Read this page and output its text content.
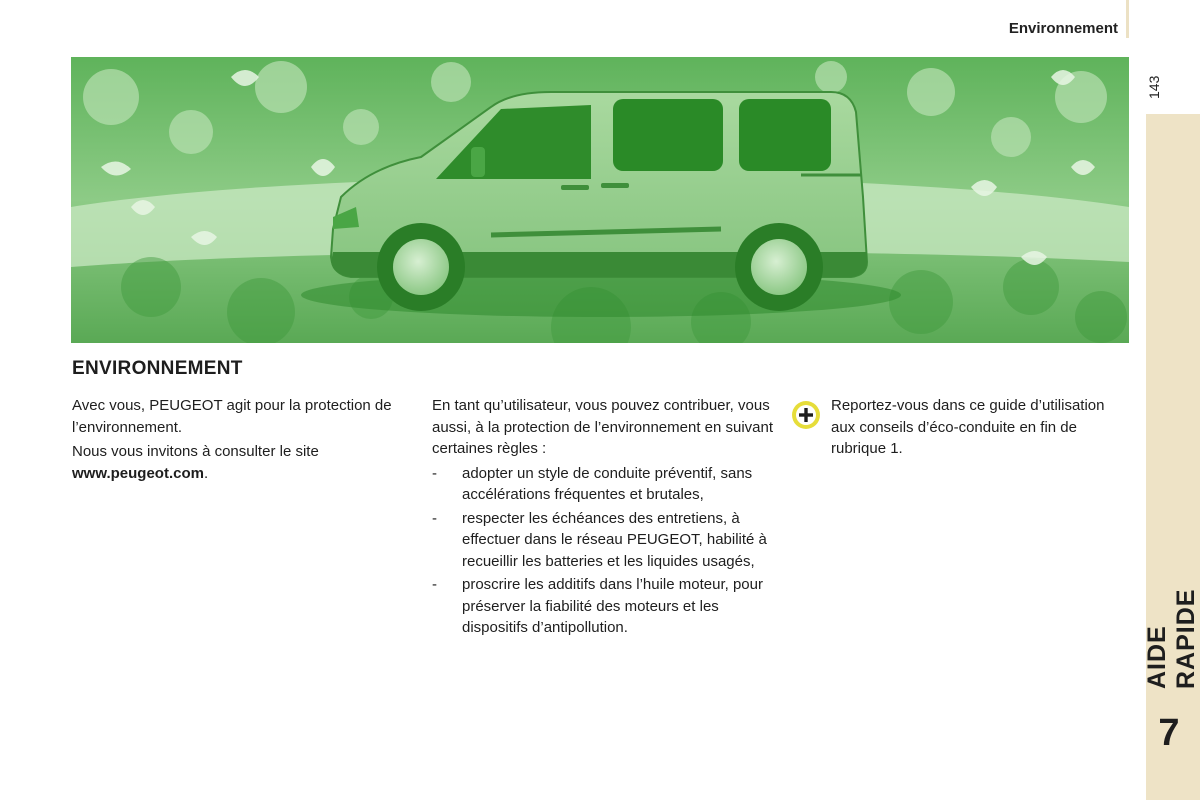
Environnement
143
AIDE RAPIDE
7
ENVIRONNEMENT

Avec vous, PEUGEOT agit pour la protection de l’environnement.

Nous vous invitons à consulter le site www.peugeot.com.

En tant qu’utilisateur, vous pouvez contribuer, vous aussi, à la protection de l’environnement en suivant certaines règles :

- adopter un style de conduite préventif, sans accélérations fréquentes et brutales,
- respecter les échéances des entretiens, à effectuer dans le réseau PEUGEOT, habilité à recueillir les batteries et les liquides usagés,
- proscrire les additifs dans l’huile moteur, pour préserver la fiabilité des moteurs et les dispositifs d’antipollution.

Reportez-vous dans ce guide d’utilisation aux conseils d’éco-conduite en fin de rubrique 1.
